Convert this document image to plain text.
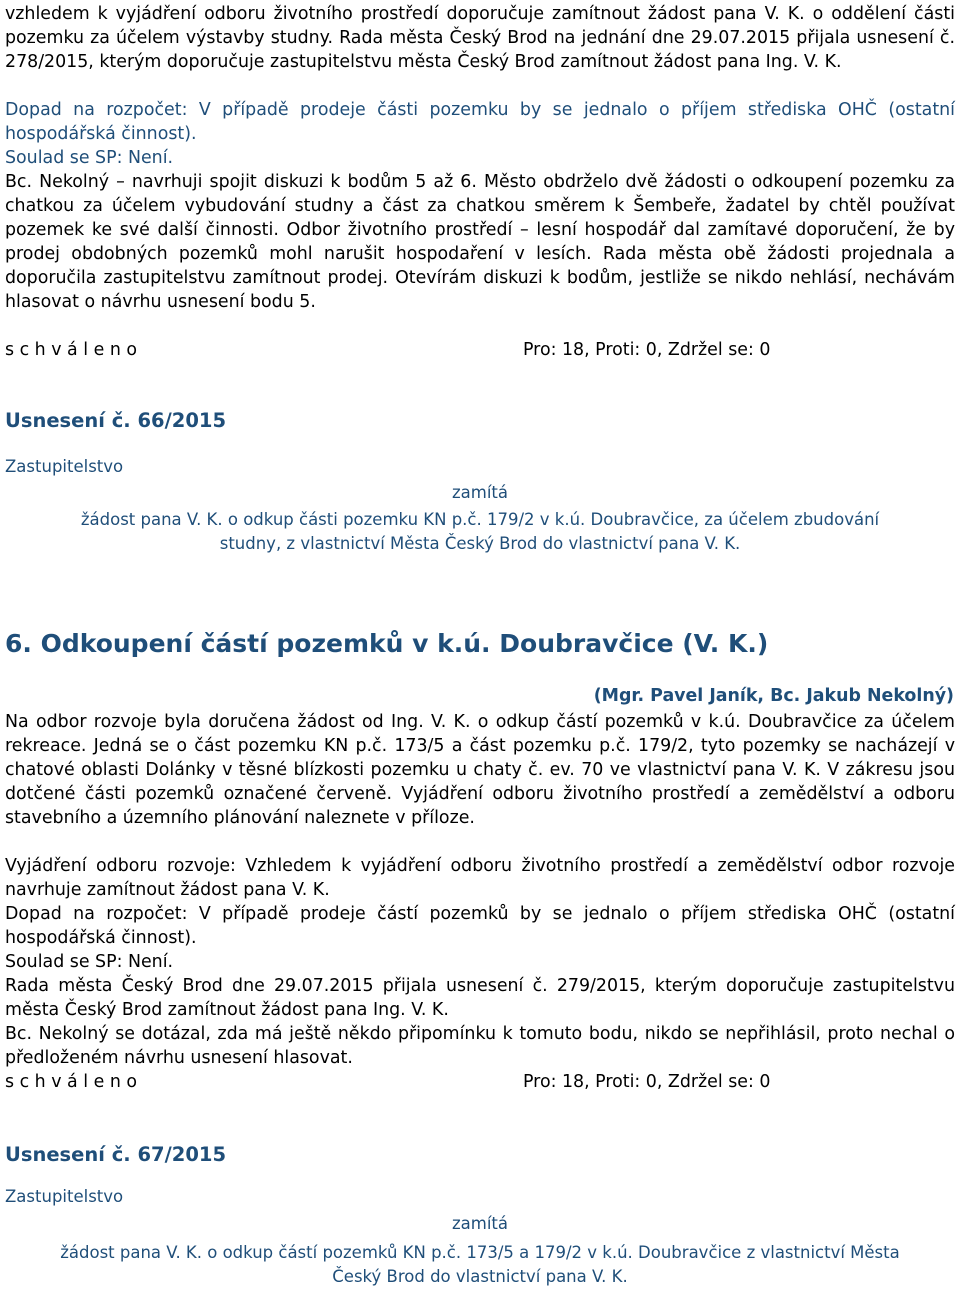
vzhledem k vyjádření odboru životního prostředí doporučuje zamítnout žádost pana V. K. o oddělení části pozemku za účelem výstavby studny. Rada města Český Brod na jednání dne 29.07.2015 přijala usnesení č. 278/2015, kterým doporučuje zastupitelstvu města Český Brod zamítnout žádost pana Ing. V. K.

Dopad na rozpočet: V případě prodeje části pozemku by se jednalo o příjem střediska OHČ (ostatní hospodářská činnost).

Soulad se SP: Není.

Bc. Nekolný – navrhuji spojit diskuzi k bodům 5 až 6. Město obdrželo dvě žádosti o odkoupení pozemku za chatkou za účelem vybudování studny a část za chatkou směrem k Šembeře, žadatel by chtěl používat pozemek ke své další činnosti. Odbor životního prostředí – lesní hospodář dal zamítavé doporučení, že by prodej obdobných pozemků mohl narušit hospodaření v lesích. Rada města obě žádosti projednala a doporučila zastupitelstvu zamítnout prodej. Otevírám diskuzi k bodům, jestliže se nikdo nehlásí, nechávám hlasovat o návrhu usnesení bodu 5.

s c h v á l e n o	Pro: 18, Proti: 0, Zdržel se: 0
Usnesení č. 66/2015
Zastupitelstvo
zamítá
žádost pana V. K. o odkup části pozemku KN p.č. 179/2 v k.ú. Doubravčice, za účelem zbudování
studny, z vlastnictví Města Český Brod do vlastnictví pana V. K.
6. Odkoupení částí pozemků v k.ú. Doubravčice (V. K.)
(Mgr. Pavel Janík, Bc. Jakub Nekolný)

Na odbor rozvoje byla doručena žádost od Ing. V. K. o odkup částí pozemků v k.ú. Doubravčice za účelem rekreace. Jedná se o část pozemku KN p.č. 173/5 a část pozemku p.č. 179/2, tyto pozemky se nacházejí v chatové oblasti Dolánky v těsné blízkosti pozemku u chaty č. ev. 70 ve vlastnictví pana V. K. V zákresu jsou dotčené části pozemků označené červeně. Vyjádření odboru životního prostředí a zemědělství a odboru stavebního a územního plánování naleznete v příloze.

Vyjádření odboru rozvoje: Vzhledem k vyjádření odboru životního prostředí a zemědělství odbor rozvoje navrhuje zamítnout žádost pana V. K.

Dopad na rozpočet: V případě prodeje částí pozemků by se jednalo o příjem střediska OHČ (ostatní hospodářská činnost).

Soulad se SP: Není.

Rada města Český Brod dne 29.07.2015 přijala usnesení č. 279/2015, kterým doporučuje zastupitelstvu města Český Brod zamítnout žádost pana Ing. V. K.

Bc. Nekolný se dotázal, zda má ještě někdo připomínku k tomuto bodu, nikdo se nepřihlásil, proto nechal o předloženém návrhu usnesení hlasovat.

s c h v á l e n o	Pro: 18, Proti: 0, Zdržel se: 0
Usnesení č. 67/2015
Zastupitelstvo
zamítá
žádost pana V. K. o odkup částí pozemků KN p.č. 173/5 a 179/2 v k.ú. Doubravčice z vlastnictví Města
Český Brod do vlastnictví pana V. K.
